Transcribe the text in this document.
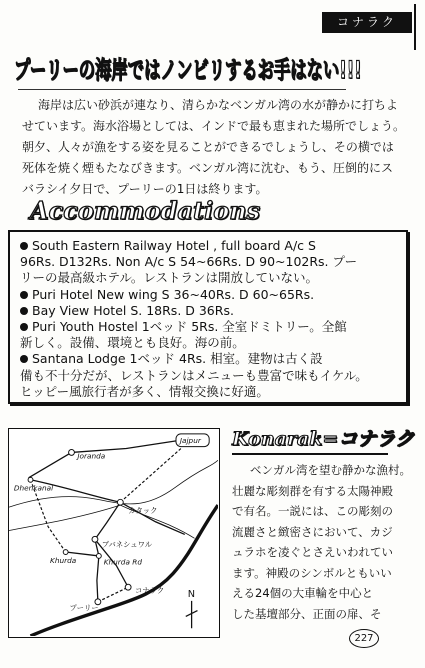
コナラク
プーリーの海岸ではノンビリするお手はない!!!
海岸は広い砂浜が連なり、清らかなベンガル湾の水が静かに打ちよ
せています。海水浴場としては、インドで最も恵まれた場所でしょう。
朝夕、人々が漁をする姿を見ることができるでしょうし、その横では
死体を焼く煙もたなびきます。ベンガル湾に沈む、もう、圧倒的にス
バラシイ夕日で、プーリーの1日は終ります。
Accommodations
South Eastern Railway Hotel , full board A/c S
96Rs. D132Rs. Non A/c S 54~66Rs. D 90~102Rs. プー
リーの最高級ホテル。レストランは開放していない。
Puri Hotel New wing S 36~40Rs. D 60~65Rs.
Bay View Hotel S. 18Rs. D 36Rs.
Puri Youth Hostel 1ベッド 5Rs. 全室ドミトリー。全館
新しく。設備、環境とも良好。海の前。
Santana Lodge 1ベッド 4Rs. 相室。建物は古く設
備も不十分だが、レストランはメニューも豊富で味もイケル。
ヒッピー風旅行者が多く、情報交換に好適。
Jajpur
Joranda
Dhenkanal
カタック
ブバネシュワル
Khurda	Khurda Rd
プーリー
コナラク N
Konarak=コナラク
ベンガル湾を望む静かな漁村。
壮麗な彫刻群を有する太陽神殿
で有名。一説には、この彫刻の
流麗さと緻密さにおいて、カジ
ュラホを凌ぐとさえいわれてい
ます。神殿のシンボルともいい
える24個の大車輪を中心と
した基壇部分、正面の扉、そ
227
